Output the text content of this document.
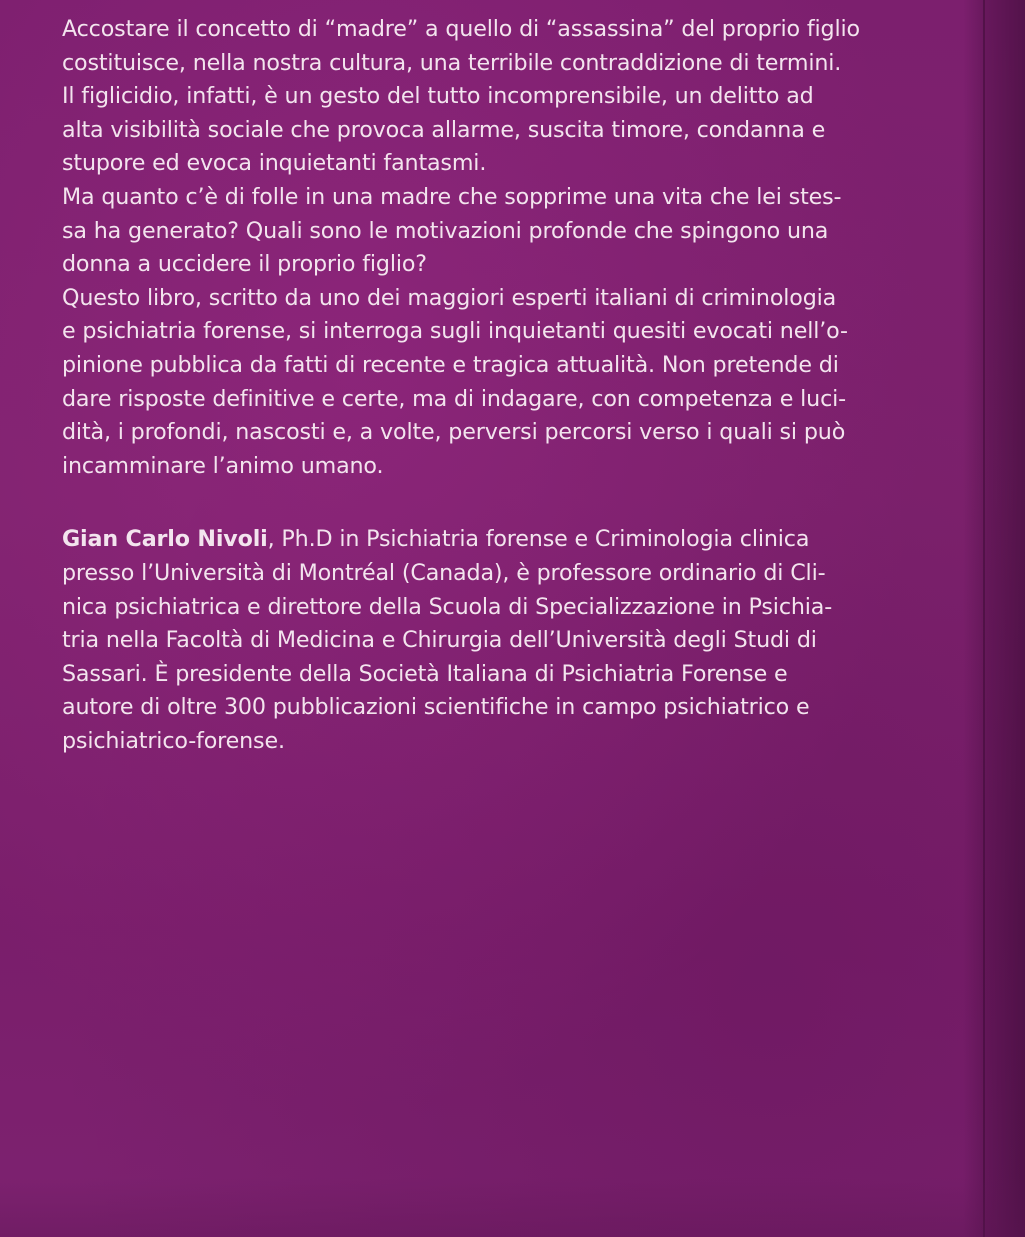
Accostare il concetto di “madre” a quello di “assassina” del proprio figlio
costituisce, nella nostra cultura, una terribile contraddizione di termini.
Il figlicidio, infatti, è un gesto del tutto incomprensibile, un delitto ad
alta visibilità sociale che provoca allarme, suscita timore, condanna e
stupore ed evoca inquietanti fantasmi.
Ma quanto c’è di folle in una madre che sopprime una vita che lei stes-
sa ha generato? Quali sono le motivazioni profonde che spingono una
donna a uccidere il proprio figlio?
Questo libro, scritto da uno dei maggiori esperti italiani di criminologia
e psichiatria forense, si interroga sugli inquietanti quesiti evocati nell’o-
pinione pubblica da fatti di recente e tragica attualità. Non pretende di
dare risposte definitive e certe, ma di indagare, con competenza e luci-
dità, i profondi, nascosti e, a volte, perversi percorsi verso i quali si può
incamminare l’animo umano.
Gian Carlo Nivoli, Ph.D in Psichiatria forense e Criminologia clinica
presso l’Università di Montréal (Canada), è professore ordinario di Cli-
nica psichiatrica e direttore della Scuola di Specializzazione in Psichia-
tria nella Facoltà di Medicina e Chirurgia dell’Università degli Studi di
Sassari. È presidente della Società Italiana di Psichiatria Forense e
autore di oltre 300 pubblicazioni scientifiche in campo psichiatrico e
psichiatrico-forense.
